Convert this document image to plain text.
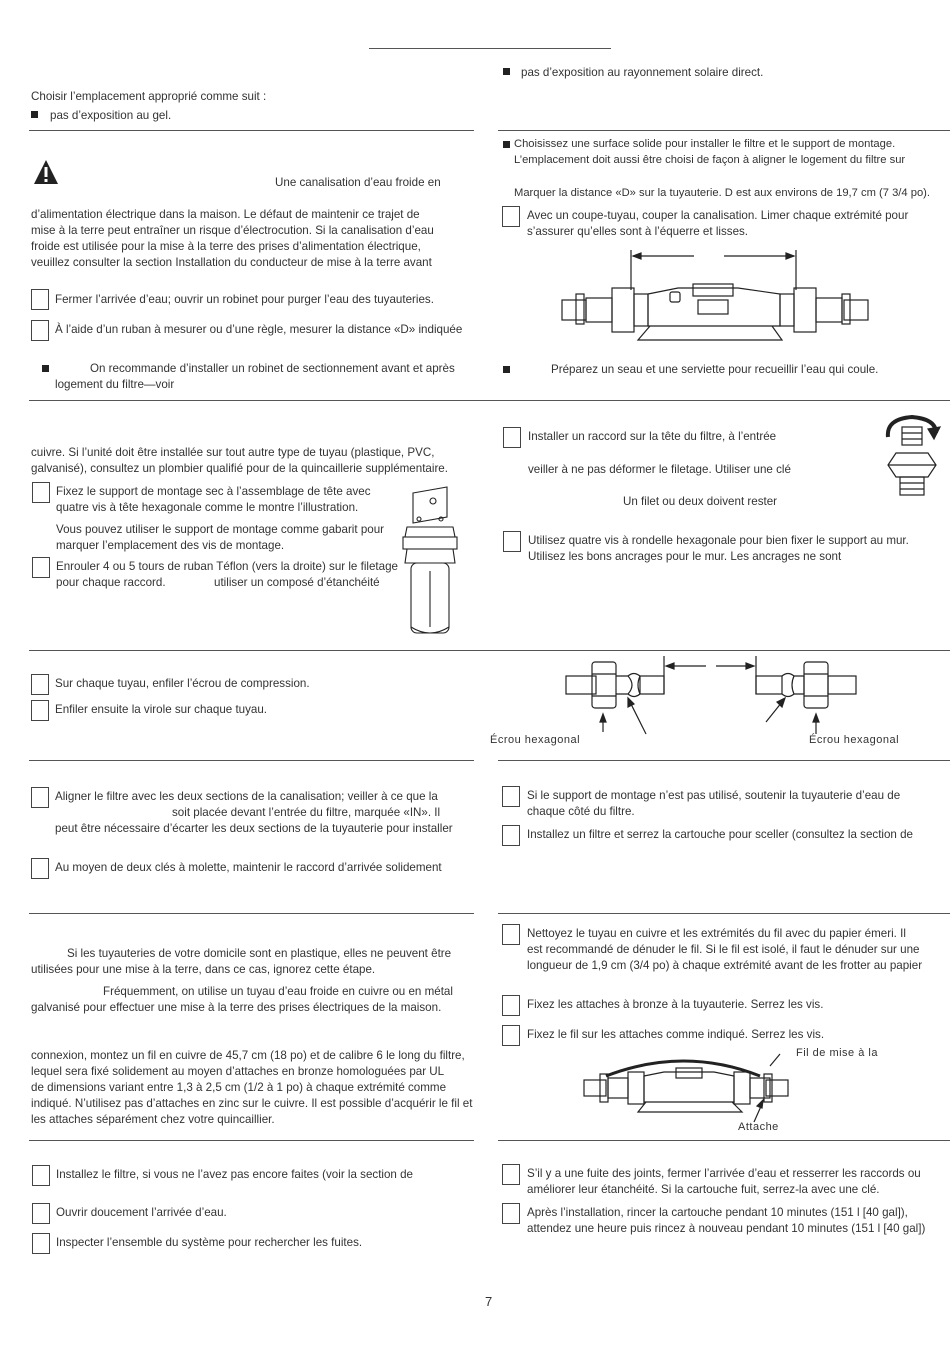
pas d’exposition au rayonnement solaire direct.
Choisir l’emplacement approprié comme suit :
pas d’exposition au gel.
Une canalisation d’eau froide en
d’alimentation électrique dans la maison. Le défaut de maintenir ce trajet de
mise à la terre peut entraîner un risque d’électrocution. Si la canalisation d’eau
froide est utilisée pour la mise à la terre des prises d’alimentation électrique,
veuillez consulter la section Installation du conducteur de mise à la terre avant
Fermer l’arrivée d’eau; ouvrir un robinet pour purger l’eau des tuyauteries.
À l’aide d’un ruban à mesurer ou d’une règle, mesurer la distance «D» indiquée
On recommande d’installer un robinet de sectionnement avant et après
logement du filtre—voir
Choisissez une surface solide pour installer le filtre et le support de montage.
L’emplacement doit aussi être choisi de façon à aligner le logement du filtre sur
Marquer la distance «D» sur la tuyauterie. D est aux environs de 19,7 cm (7 3/4 po).
Avec un coupe-tuyau, couper la canalisation. Limer chaque extrémité pour
s’assurer qu’elles sont à l’équerre et lisses.
Préparez un seau et une serviette pour recueillir l’eau qui coule.
cuivre. Si l’unité doit être installée sur tout autre type de tuyau (plastique, PVC,
galvanisé), consultez un plombier qualifié pour de la quincaillerie supplémentaire.
Fixez le support de montage sec à l’assemblage de tête avec
quatre vis à tête hexagonale comme le montre l’illustration.
Vous pouvez utiliser le support de montage comme gabarit pour
marquer l’emplacement des vis de montage.
Enrouler 4 ou 5 tours de ruban Téflon (vers la droite) sur le filetage
pour chaque raccord.	utiliser un composé d’étanchéité
Installer un raccord sur la tête du filtre, à l’entrée
veiller à ne pas déformer le filetage. Utiliser une clé
Un filet ou deux doivent rester
Utilisez quatre vis à rondelle hexagonale pour bien fixer le support au mur.
Utilisez les bons ancrages pour le mur. Les ancrages ne sont
Sur chaque tuyau, enfiler l’écrou de compression.
Enfiler ensuite la virole sur chaque tuyau.
Écrou hexagonal	Écrou hexagonal
Aligner le filtre avec les deux sections de la canalisation; veiller à ce que la
soit placée devant l’entrée du filtre, marquée «IN». Il
peut être nécessaire d’écarter les deux sections de la tuyauterie pour installer
Au moyen de deux clés à molette, maintenir le raccord d’arrivée solidement
Si le support de montage n’est pas utilisé, soutenir la tuyauterie d’eau de
chaque côté du filtre.
Installez un filtre et serrez la cartouche pour sceller (consultez la section de
Si les tuyauteries de votre domicile sont en plastique, elles ne peuvent être
utilisées pour une mise à la terre, dans ce cas, ignorez cette étape.
Fréquemment, on utilise un tuyau d’eau froide en cuivre ou en métal
galvanisé pour effectuer une mise à la terre des prises électriques de la maison.
connexion, montez un fil en cuivre de 45,7 cm (18 po) et de calibre 6 le long du filtre,
lequel sera fixé solidement au moyen d’attaches en bronze homologuées par UL
de dimensions variant entre 1,3 à 2,5 cm (1/2 à 1 po) à chaque extrémité comme
indiqué. N’utilisez pas d’attaches en zinc sur le cuivre. Il est possible d’acquérir le fil et
les attaches séparément chez votre quincaillier.
Nettoyez le tuyau en cuivre et les extrémités du fil avec du papier émeri. Il
est recommandé de dénuder le fil. Si le fil est isolé, il faut le dénuder sur une
longueur de 1,9 cm (3/4 po) à chaque extrémité avant de les frotter au papier
Fixez les attaches à bronze à la tuyauterie. Serrez les vis.
Fixez le fil sur les attaches comme indiqué. Serrez les vis.
Fil de mise à la
Attache
Installez le filtre, si vous ne l’avez pas encore faites (voir la section de
Ouvrir doucement l’arrivée d’eau.
Inspecter l’ensemble du système pour rechercher les fuites.
S’il y a une fuite des joints, fermer l’arrivée d’eau et resserrer les raccords ou
améliorer leur étanchéité. Si la cartouche fuit, serrez-la avec une clé.
Après l’installation, rincer la cartouche pendant 10 minutes (151 l [40 gal]),
attendez une heure puis rincez à nouveau pendant 10 minutes (151 l [40 gal])
7
